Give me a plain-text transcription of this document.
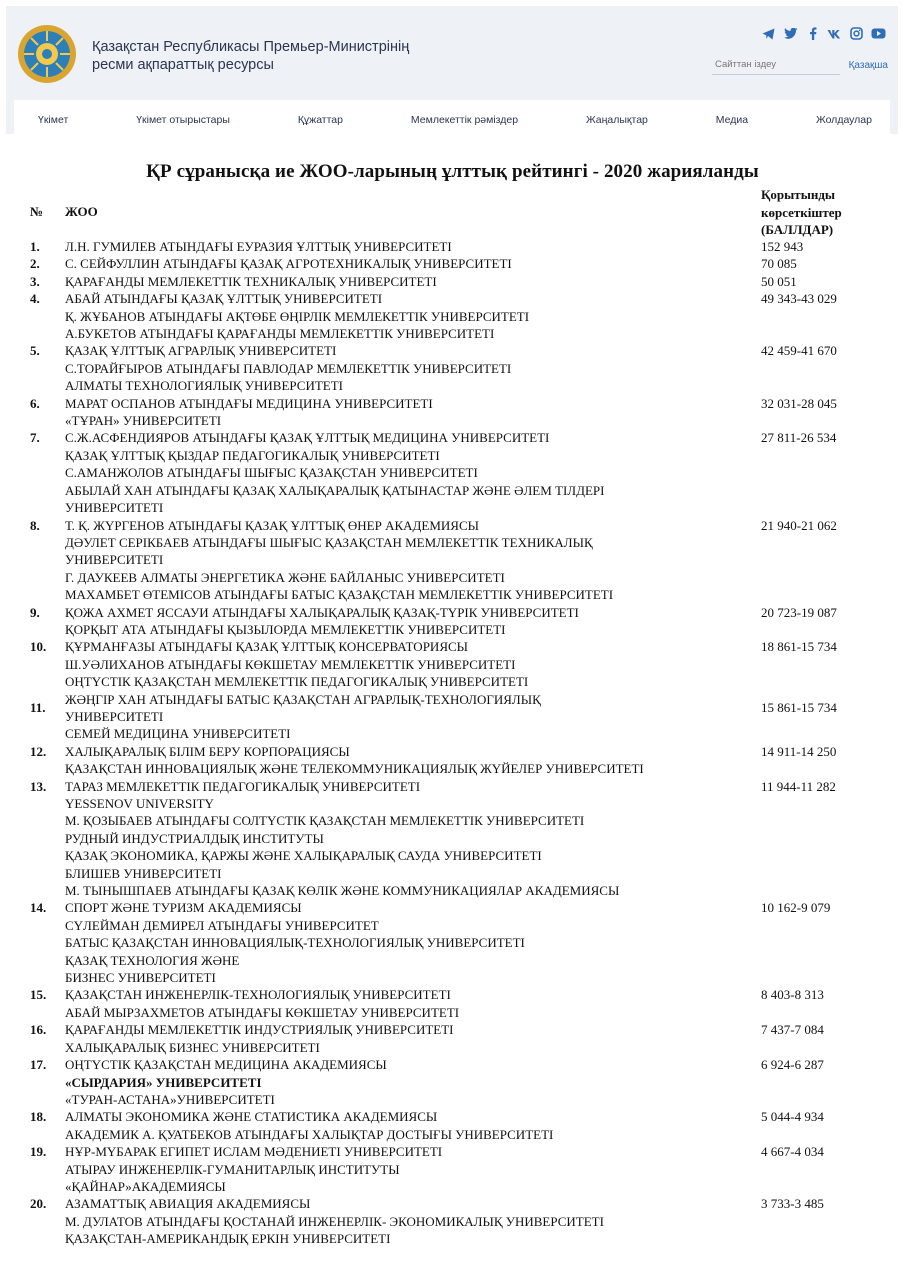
Қазақстан Республикасы Премьер-Министрінің
ресми ақпараттық ресурсы
Сайттан іздеу	Қазақша
Үкімет	Үкімет отырыстары	Құжаттар	Мемлекеттік рәміздер	Жаңалықтар	Медиа	Жолдаулар
ҚР сұранысқа ие ЖОО-ларының ұлттық рейтингі - 2020 жарияланды
№ ЖОО
Қорытынды
көрсеткіштер
(БАЛЛДАР)
1.	Л.Н. ГУМИЛЕВ АТЫНДАҒЫ ЕУРАЗИЯ ҰЛТТЫҚ УНИВЕРСИТЕТІ	152 943
2.	С. СЕЙФУЛЛИН АТЫНДАҒЫ ҚАЗАҚ АГРОТЕХНИКАЛЫҚ УНИВЕРСИТЕТІ	70 085
3.	ҚАРАҒАНДЫ МЕМЛЕКЕТТІК ТЕХНИКАЛЫҚ УНИВЕРСИТЕТІ	50 051
4.	АБАЙ АТЫНДАҒЫ ҚАЗАҚ ҰЛТТЫҚ УНИВЕРСИТЕТІ
Қ. ЖҰБАНОВ АТЫНДАҒЫ АҚТӨБЕ ӨҢІРЛІК МЕМЛЕКЕТТІК УНИВЕРСИТЕТІ
А.БУКЕТОВ АТЫНДАҒЫ ҚАРАҒАНДЫ МЕМЛЕКЕТТІК УНИВЕРСИТЕТІ
49 343-43 029
5.	ҚАЗАҚ ҰЛТТЫҚ АГРАРЛЫҚ УНИВЕРСИТЕТІ
С.ТОРАЙҒЫРОВ АТЫНДАҒЫ ПАВЛОДАР МЕМЛЕКЕТТІК УНИВЕРСИТЕТІ
АЛМАТЫ ТЕХНОЛОГИЯЛЫҚ УНИВЕРСИТЕТІ
42 459-41 670
6.	МАРАТ ОСПАНОВ АТЫНДАҒЫ МЕДИЦИНА УНИВЕРСИТЕТІ
«ТҰРАН» УНИВЕРСИТЕТІ
32 031-28 045
7.	С.Ж.АСФЕНДИЯРОВ АТЫНДАҒЫ ҚАЗАҚ ҰЛТТЫҚ МЕДИЦИНА УНИВЕРСИТЕТІ
ҚАЗАҚ ҰЛТТЫҚ ҚЫЗДАР ПЕДАГОГИКАЛЫҚ УНИВЕРСИТЕТІ
С.АМАНЖОЛОВ АТЫНДАҒЫ ШЫҒЫС ҚАЗАҚСТАН УНИВЕРСИТЕТІ
АБЫЛАЙ ХАН АТЫНДАҒЫ ҚАЗАҚ ХАЛЫҚАРАЛЫҚ ҚАТЫНАСТАР ЖӘНЕ ӘЛЕМ ТІЛДЕРІ
УНИВЕРСИТЕТІ
27 811-26 534
8.	Т. Қ. ЖҮРГЕНОВ АТЫНДАҒЫ ҚАЗАҚ ҰЛТТЫҚ ӨНЕР АКАДЕМИЯСЫ
ДӘУЛЕТ СЕРІКБАЕВ АТЫНДАҒЫ ШЫҒЫС ҚАЗАҚСТАН МЕМЛЕКЕТТІК ТЕХНИКАЛЫҚ
УНИВЕРСИТЕТІ
Г. ДАУКЕЕВ АЛМАТЫ ЭНЕРГЕТИКА ЖӘНЕ БАЙЛАНЫС УНИВЕРСИТЕТІ
МАХАМБЕТ ӨТЕМІСОВ АТЫНДАҒЫ БАТЫС ҚАЗАҚСТАН МЕМЛЕКЕТТІК УНИВЕРСИТЕТІ
21 940-21 062
9.	ҚОЖА АХМЕТ ЯССАУИ АТЫНДАҒЫ ХАЛЫҚАРАЛЫҚ ҚАЗАҚ-ТҮРІК УНИВЕРСИТЕТІ
ҚОРҚЫТ АТА АТЫНДАҒЫ ҚЫЗЫЛОРДА МЕМЛЕКЕТТІК УНИВЕРСИТЕТІ
20 723-19 087
10.	ҚҰРМАНҒАЗЫ АТЫНДАҒЫ ҚАЗАҚ ҰЛТТЫҚ КОНСЕРВАТОРИЯСЫ
Ш.УӘЛИХАНОВ АТЫНДАҒЫ КӨКШЕТАУ МЕМЛЕКЕТТІК УНИВЕРСИТЕТІ
ОҢТҮСТІК ҚАЗАҚСТАН МЕМЛЕКЕТТІК ПЕДАГОГИКАЛЫҚ УНИВЕРСИТЕТІ
18 861-15 734
11.
ЖӘҢГІР ХАН АТЫНДАҒЫ БАТЫС ҚАЗАҚСТАН АГРАРЛЫҚ-ТЕХНОЛОГИЯЛЫҚ
УНИВЕРСИТЕТІ
СЕМЕЙ МЕДИЦИНА УНИВЕРСИТЕТІ
15 861-15 734
12.	ХАЛЫҚАРАЛЫҚ БІЛІМ БЕРУ КОРПОРАЦИЯСЫ
ҚАЗАҚСТАН ИННОВАЦИЯЛЫҚ ЖӘНЕ ТЕЛЕКОММУНИКАЦИЯЛЫҚ ЖҮЙЕЛЕР УНИВЕРСИТЕТІ
14 911-14 250
13.	ТАРАЗ МЕМЛЕКЕТТІК ПЕДАГОГИКАЛЫҚ УНИВЕРСИТЕТІ
YESSENOV UNIVERSITY
М. ҚОЗЫБАЕВ АТЫНДАҒЫ СОЛТҮСТІК ҚАЗАҚСТАН МЕМЛЕКЕТТІК УНИВЕРСИТЕТІ
РУДНЫЙ ИНДУСТРИАЛДЫҚ ИНСТИТУТЫ
ҚАЗАҚ ЭКОНОМИКА, ҚАРЖЫ ЖӘНЕ ХАЛЫҚАРАЛЫҚ САУДА УНИВЕРСИТЕТІ
БЛИШЕВ УНИВЕРСИТЕТІ
М. ТЫНЫШПАЕВ АТЫНДАҒЫ ҚАЗАҚ КӨЛІК ЖӘНЕ КОММУНИКАЦИЯЛАР АКАДЕМИЯСЫ
11 944-11 282
14.	СПОРТ ЖӘНЕ ТУРИЗМ АКАДЕМИЯСЫ
СҮЛЕЙМАН ДЕМИРЕЛ АТЫНДАҒЫ УНИВЕРСИТЕТ
БАТЫС ҚАЗАҚСТАН ИННОВАЦИЯЛЫҚ-ТЕХНОЛОГИЯЛЫҚ УНИВЕРСИТЕТІ
ҚАЗАҚ ТЕХНОЛОГИЯ ЖӘНЕ
БИЗНЕС УНИВЕРСИТЕТІ
10 162-9 079
15.	ҚАЗАҚСТАН ИНЖЕНЕРЛІК-ТЕХНОЛОГИЯЛЫҚ УНИВЕРСИТЕТІ
АБАЙ МЫРЗАХМЕТОВ АТЫНДАҒЫ КӨКШЕТАУ УНИВЕРСИТЕТІ
8 403-8 313
16.	ҚАРАҒАНДЫ МЕМЛЕКЕТТІК ИНДУСТРИЯЛЫҚ УНИВЕРСИТЕТІ
ХАЛЫҚАРАЛЫҚ БИЗНЕС УНИВЕРСИТЕТІ
7 437-7 084
17.	ОҢТҮСТІК ҚАЗАҚСТАН МЕДИЦИНА АКАДЕМИЯСЫ
«СЫРДАРИЯ» УНИВЕРСИТЕТІ
«ТУРАН-АСТАНА»УНИВЕРСИТЕТІ
6 924-6 287
18.	АЛМАТЫ ЭКОНОМИКА ЖӘНЕ СТАТИСТИКА АКАДЕМИЯСЫ
АКАДЕМИК А. ҚУАТБЕКОВ АТЫНДАҒЫ ХАЛЫҚТАР ДОСТЫҒЫ УНИВЕРСИТЕТІ
5 044-4 934
19.	НҰР-МҮБАРАК ЕГИПЕТ ИСЛАМ МӘДЕНИЕТІ УНИВЕРСИТЕТІ
АТЫРАУ ИНЖЕНЕРЛІК-ГУМАНИТАРЛЫҚ ИНСТИТУТЫ
«ҚАЙНАР»АКАДЕМИЯСЫ
4 667-4 034
20.	АЗАМАТТЫҚ АВИАЦИЯ АКАДЕМИЯСЫ
М. ДУЛАТОВ АТЫНДАҒЫ ҚОСТАНАЙ ИНЖЕНЕРЛІК- ЭКОНОМИКАЛЫҚ УНИВЕРСИТЕТІ
ҚАЗАҚСТАН-АМЕРИКАНДЫҚ ЕРКІН УНИВЕРСИТЕТІ
3 733-3 485
